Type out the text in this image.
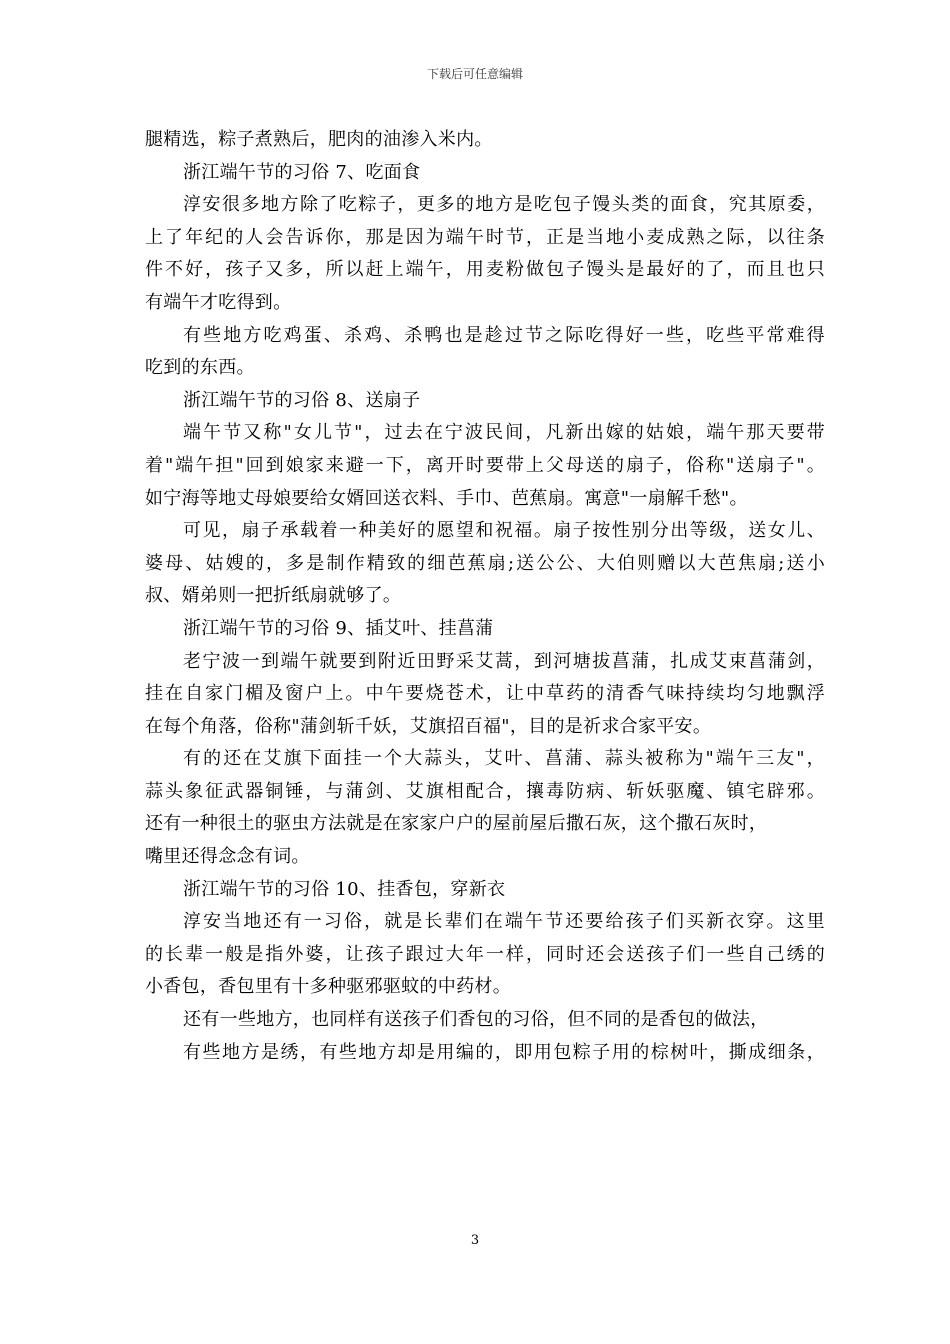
下载后可任意编辑
腿精选，粽子煮熟后，肥肉的油渗入米内。
浙江端午节的习俗 7、吃面食
淳安很多地方除了吃粽子，更多的地方是吃包子馒头类的面食，究其原委，
上了年纪的人会告诉你，那是因为端午时节，正是当地小麦成熟之际，以往条
件不好，孩子又多，所以赶上端午，用麦粉做包子馒头是最好的了，而且也只
有端午才吃得到。
有些地方吃鸡蛋、杀鸡、杀鸭也是趁过节之际吃得好一些，吃些平常难得
吃到的东西。
浙江端午节的习俗 8、送扇子
端午节又称"女儿节"，过去在宁波民间，凡新出嫁的姑娘，端午那天要带
着"端午担"回到娘家来避一下，离开时要带上父母送的扇子，俗称"送扇子"。
如宁海等地丈母娘要给女婿回送衣料、手巾、芭蕉扇。寓意"一扇解千愁"。
可见，扇子承载着一种美好的愿望和祝福。扇子按性别分出等级，送女儿、
婆母、姑嫂的，多是制作精致的细芭蕉扇;送公公、大伯则赠以大芭焦扇;送小
叔、婿弟则一把折纸扇就够了。
浙江端午节的习俗 9、插艾叶、挂菖蒲
老宁波一到端午就要到附近田野采艾蒿，到河塘拔菖蒲，扎成艾束菖蒲剑，
挂在自家门楣及窗户上。中午要烧苍术，让中草药的清香气味持续均匀地飘浮
在每个角落，俗称"蒲剑斩千妖，艾旗招百福"，目的是祈求合家平安。
有的还在艾旗下面挂一个大蒜头，艾叶、菖蒲、蒜头被称为"端午三友"，
蒜头象征武器铜锤，与蒲剑、艾旗相配合，攘毒防病、斩妖驱魔、镇宅辟邪。
还有一种很土的驱虫方法就是在家家户户的屋前屋后撒石灰，这个撒石灰时，
嘴里还得念念有词。
浙江端午节的习俗 10、挂香包，穿新衣
淳安当地还有一习俗，就是长辈们在端午节还要给孩子们买新衣穿。这里
的长辈一般是指外婆，让孩子跟过大年一样，同时还会送孩子们一些自己绣的
小香包，香包里有十多种驱邪驱蚊的中药材。
还有一些地方，也同样有送孩子们香包的习俗，但不同的是香包的做法，
有些地方是绣，有些地方却是用编的，即用包粽子用的棕树叶，撕成细条，
3
